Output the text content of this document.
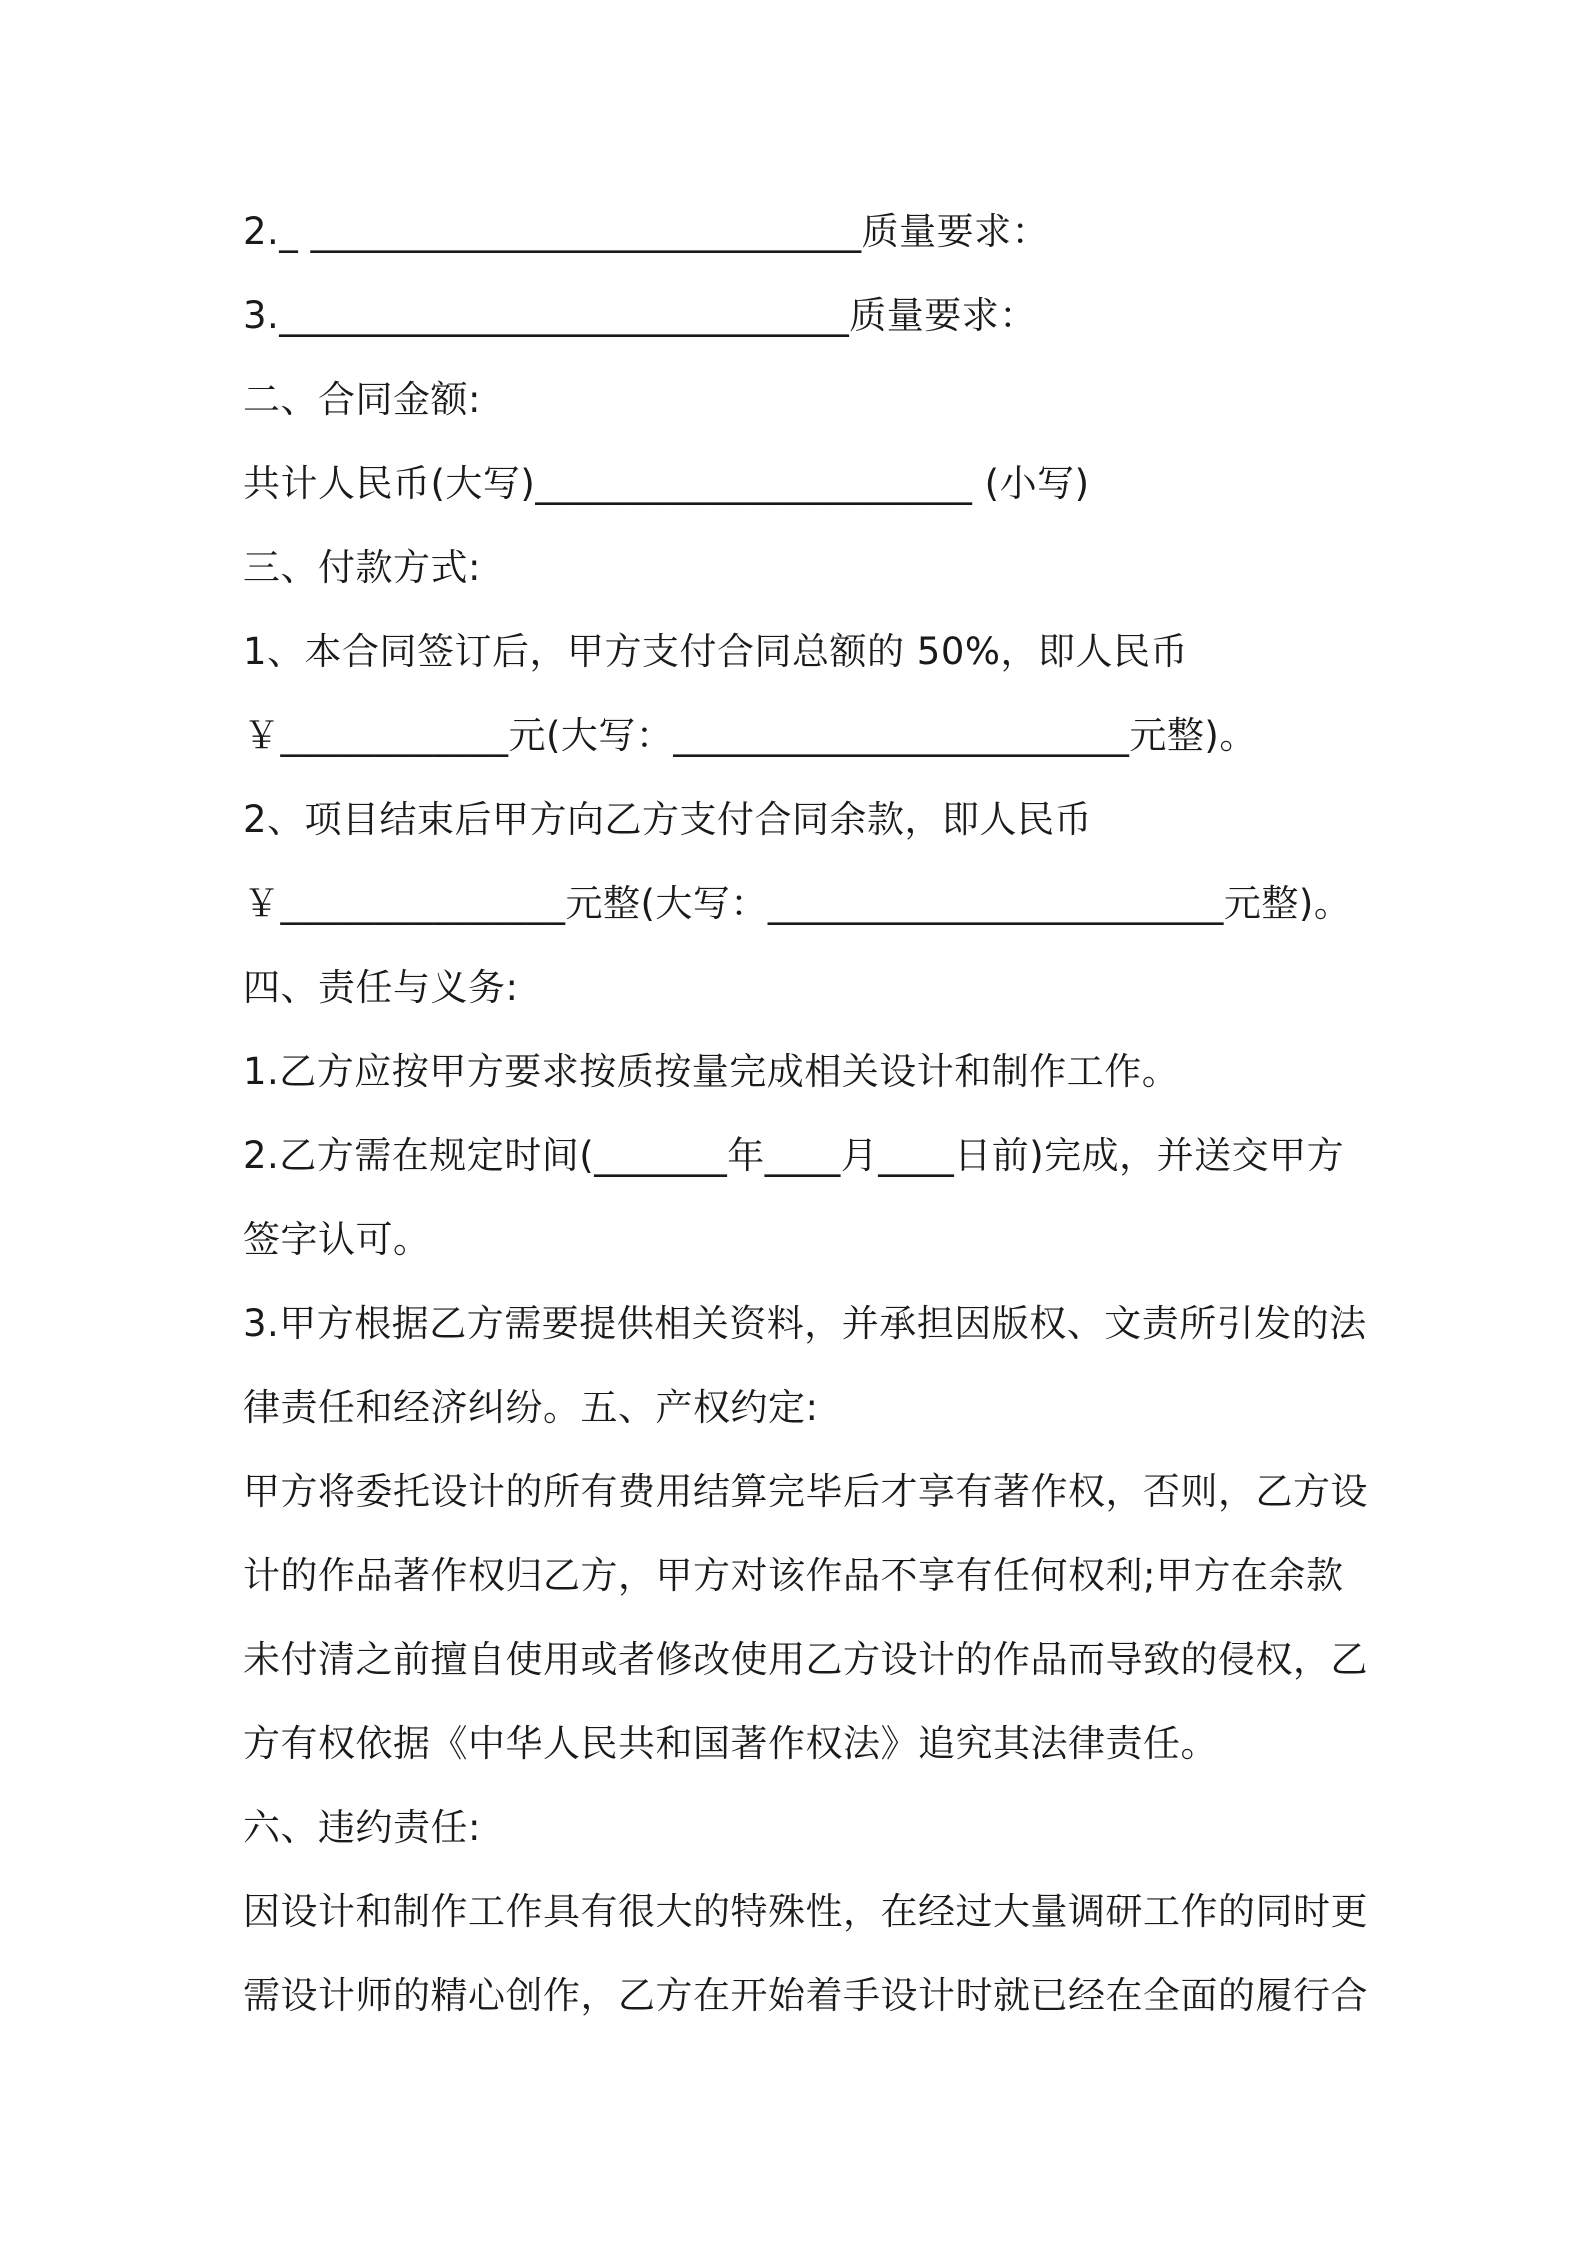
2._ _____________________________质量要求：
3.______________________________质量要求：
二、合同金额:
共计人民币(大写)_______________________ (小写)
三、付款方式:
1、本合同签订后，甲方支付合同总额的 50%，即人民币
￥____________元(大写：________________________元整)。
2、项目结束后甲方向乙方支付合同余款，即人民币
￥_______________元整(大写：________________________元整)。
四、责任与义务:
1.乙方应按甲方要求按质按量完成相关设计和制作工作。
2.乙方需在规定时间(_______年____月____日前)完成，并送交甲方
签字认可。
3.甲方根据乙方需要提供相关资料，并承担因版权、文责所引发的法
律责任和经济纠纷。五、产权约定:
甲方将委托设计的所有费用结算完毕后才享有著作权，否则，乙方设
计的作品著作权归乙方，甲方对该作品不享有任何权利;甲方在余款
未付清之前擅自使用或者修改使用乙方设计的作品而导致的侵权，乙
方有权依据《中华人民共和国著作权法》追究其法律责任。
六、违约责任:
因设计和制作工作具有很大的特殊性，在经过大量调研工作的同时更
需设计师的精心创作，乙方在开始着手设计时就已经在全面的履行合
